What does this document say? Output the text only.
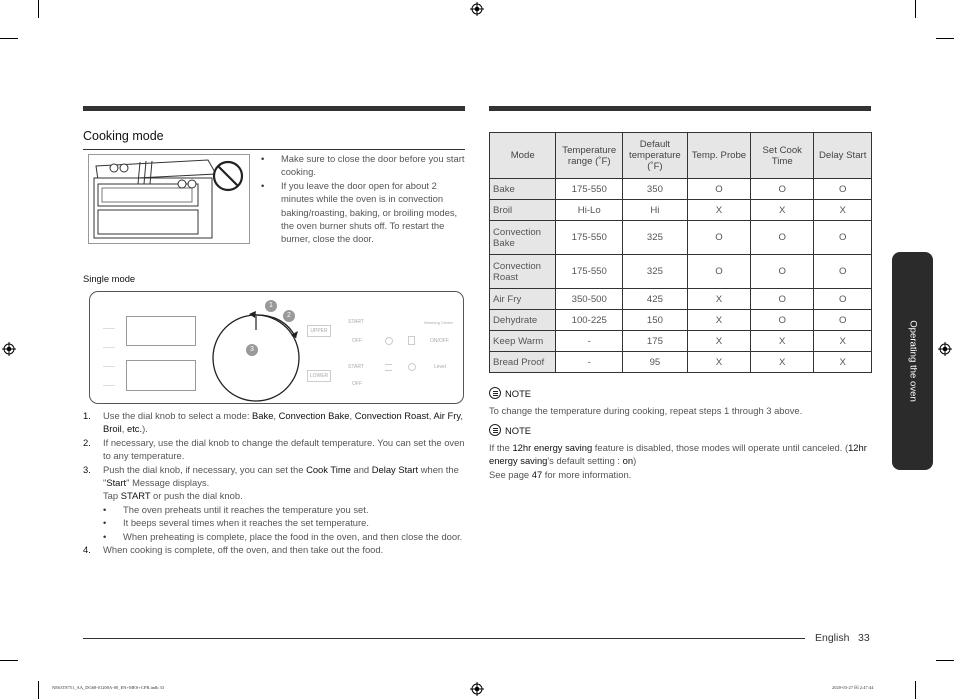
Cooking mode
• Make sure to close the door before you start cooking.
• If you leave the door open for about 2 minutes while the oven is in convection baking/roasting, baking, or broiling modes, the oven burner shuts off. To restart the burner, close the door.
Single mode
1
2
3
UPPER
LOWER
START
OFF
START
OFF
Warming Center
ON/OFF
Level
1. Use the dial knob to select a mode: Bake, Convection Bake, Convection Roast, Air Fry, Broil, etc.).
2. If necessary, use the dial knob to change the default temperature. You can set the oven to any temperature.
3. Push the dial knob, if necessary, you can set the Cook Time and Delay Start when the "Start" Message displays.
Tap START or push the dial knob.
• The oven preheats until it reaches the temperature you set.
• It beeps several times when it reaches the set temperature.
• When preheating is complete, place the food in the oven, and then close the door.
4. When cooking is complete, off the oven, and then take out the food.
Mode	Temperature range (˚F)	Default temperature (˚F)	Temp. Probe	Set Cook Time	Delay Start
Bake	175-550	350	O	O	O
Broil	Hi-Lo	Hi	X	X	X
Convection Bake	175-550	325	O	O	O
Convection Roast	175-550	325	O	O	O
Air Fry	350-500	425	X	O	O
Dehydrate	100-225	150	X	O	O
Keep Warm	-	175	X	X	X
Bread Proof	-	95	X	X	X
NOTE
To change the temperature during cooking, repeat steps 1 through 3 above.
NOTE
If the 12hr energy saving feature is disabled, those modes will operate until canceled. (12hr energy saving's default setting : on)
See page 47 for more information.
Operating the oven
English 33
NE63T8751_AA_DG68-01200A-00_EN+MES+CFR.indb 33	2020-03-27 ￼ 2:47:44
